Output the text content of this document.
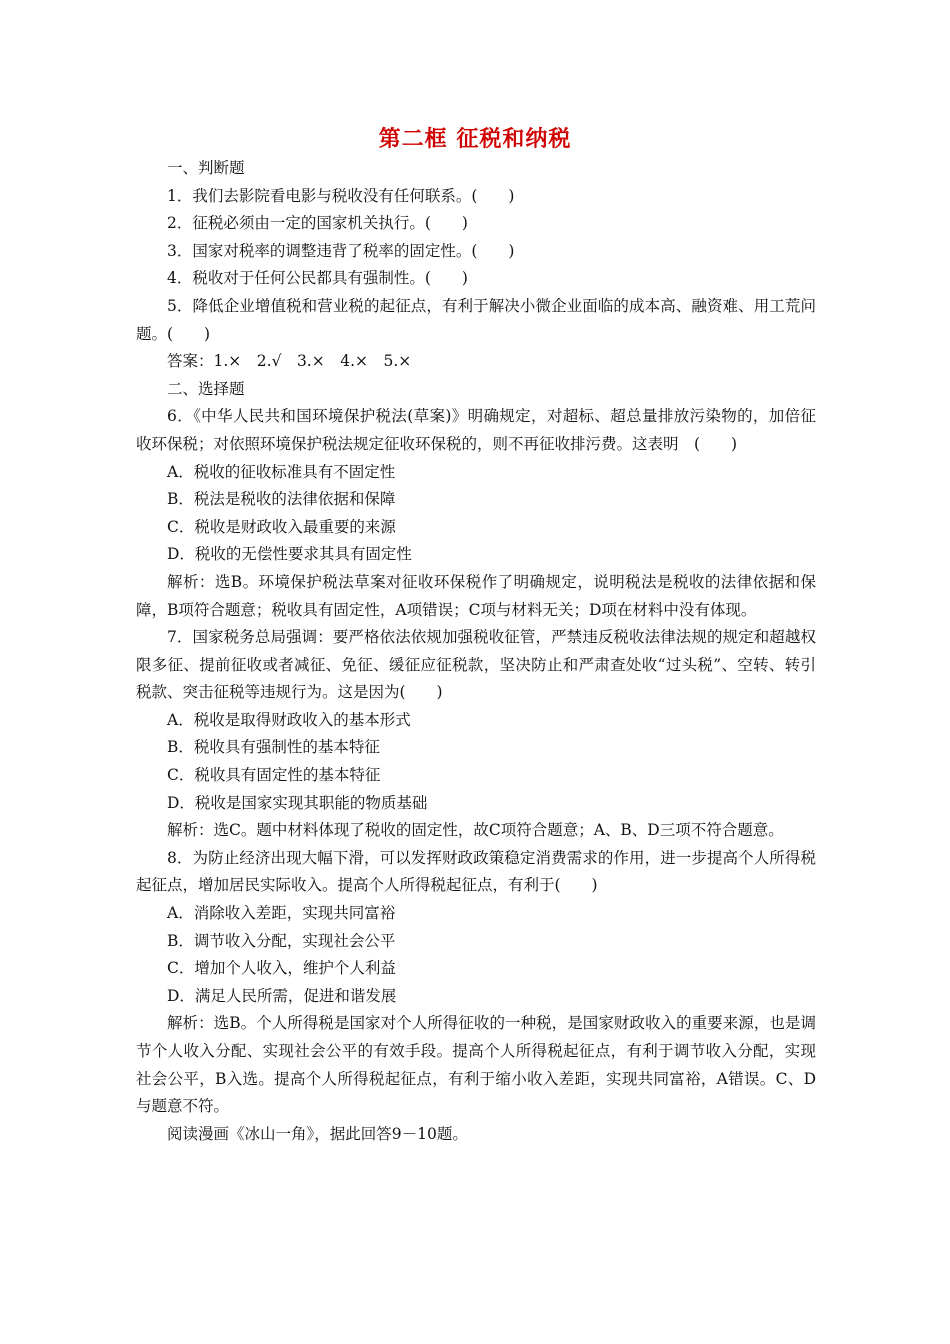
第二框 征税和纳税

一、判断题

1．我们去影院看电影与税收没有任何联系。(　　)

2．征税必须由一定的国家机关执行。(　　)

3．国家对税率的调整违背了税率的固定性。(　　)

4．税收对于任何公民都具有强制性。(　　)

5．降低企业增值税和营业税的起征点，有利于解决小微企业面临的成本高、融资难、用工荒问题。(　　)

答案：1.×　2.√　3.×　4.×　5.×

二、选择题

6．《中华人民共和国环境保护税法(草案)》明确规定，对超标、超总量排放污染物的，加倍征收环保税；对依照环境保护税法规定征收环保税的，则不再征收排污费。这表明　(　　)

A．税收的征收标准具有不固定性

B．税法是税收的法律依据和保障

C．税收是财政收入最重要的来源

D．税收的无偿性要求其具有固定性

解析：选B。环境保护税法草案对征收环保税作了明确规定，说明税法是税收的法律依据和保障，B项符合题意；税收具有固定性，A项错误；C项与材料无关；D项在材料中没有体现。

7．国家税务总局强调：要严格依法依规加强税收征管，严禁违反税收法律法规的规定和超越权限多征、提前征收或者减征、免征、缓征应征税款，坚决防止和严肃查处收“过头税”、空转、转引税款、突击征税等违规行为。这是因为(　　)

A．税收是取得财政收入的基本形式

B．税收具有强制性的基本特征

C．税收具有固定性的基本特征

D．税收是国家实现其职能的物质基础

解析：选C。题中材料体现了税收的固定性，故C项符合题意；A、B、D三项不符合题意。

8．为防止经济出现大幅下滑，可以发挥财政政策稳定消费需求的作用，进一步提高个人所得税起征点，增加居民实际收入。提高个人所得税起征点，有利于(　　)

A．消除收入差距，实现共同富裕

B．调节收入分配，实现社会公平

C．增加个人收入，维护个人利益

D．满足人民所需，促进和谐发展

解析：选B。个人所得税是国家对个人所得征收的一种税，是国家财政收入的重要来源，也是调节个人收入分配、实现社会公平的有效手段。提高个人所得税起征点，有利于调节收入分配，实现社会公平，B入选。提高个人所得税起征点，有利于缩小收入差距，实现共同富裕，A错误。C、D与题意不符。

阅读漫画《冰山一角》，据此回答9－10题。
